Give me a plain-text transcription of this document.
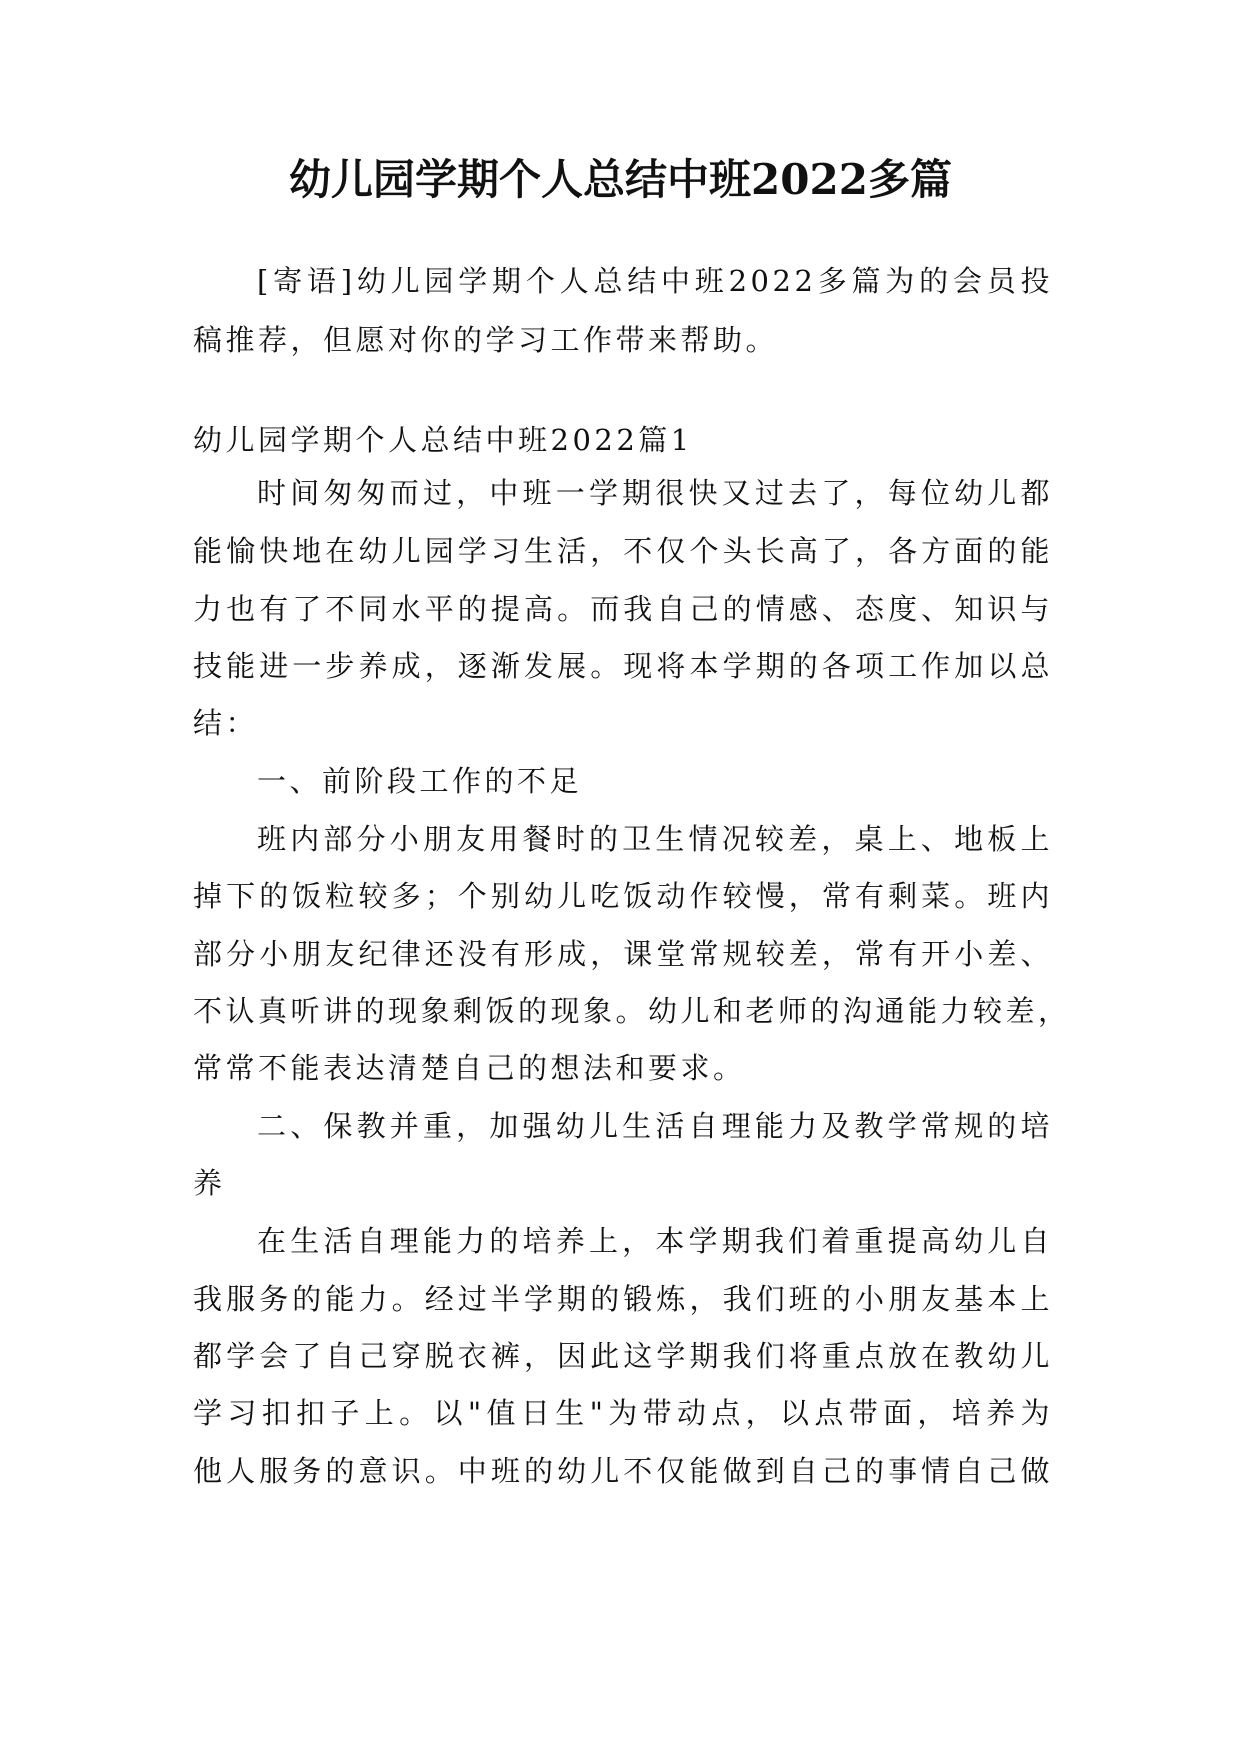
幼儿园学期个人总结中班2022多篇
[寄语]幼儿园学期个人总结中班2022多篇为的会员投
稿推荐，但愿对你的学习工作带来帮助。
幼儿园学期个人总结中班2022篇1
时间匆匆而过，中班一学期很快又过去了，每位幼儿都
能愉快地在幼儿园学习生活，不仅个头长高了，各方面的能
力也有了不同水平的提高。而我自己的情感、态度、知识与
技能进一步养成，逐渐发展。现将本学期的各项工作加以总
结：
一、前阶段工作的不足
班内部分小朋友用餐时的卫生情况较差，桌上、地板上
掉下的饭粒较多；个别幼儿吃饭动作较慢，常有剩菜。班内
部分小朋友纪律还没有形成，课堂常规较差，常有开小差、
不认真听讲的现象剩饭的现象。幼儿和老师的沟通能力较差，
常常不能表达清楚自己的想法和要求。
二、保教并重，加强幼儿生活自理能力及教学常规的培
养
在生活自理能力的培养上，本学期我们着重提高幼儿自
我服务的能力。经过半学期的锻炼，我们班的小朋友基本上
都学会了自己穿脱衣裤，因此这学期我们将重点放在教幼儿
学习扣扣子上。以"值日生"为带动点，以点带面，培养为
他人服务的意识。中班的幼儿不仅能做到自己的事情自己做
